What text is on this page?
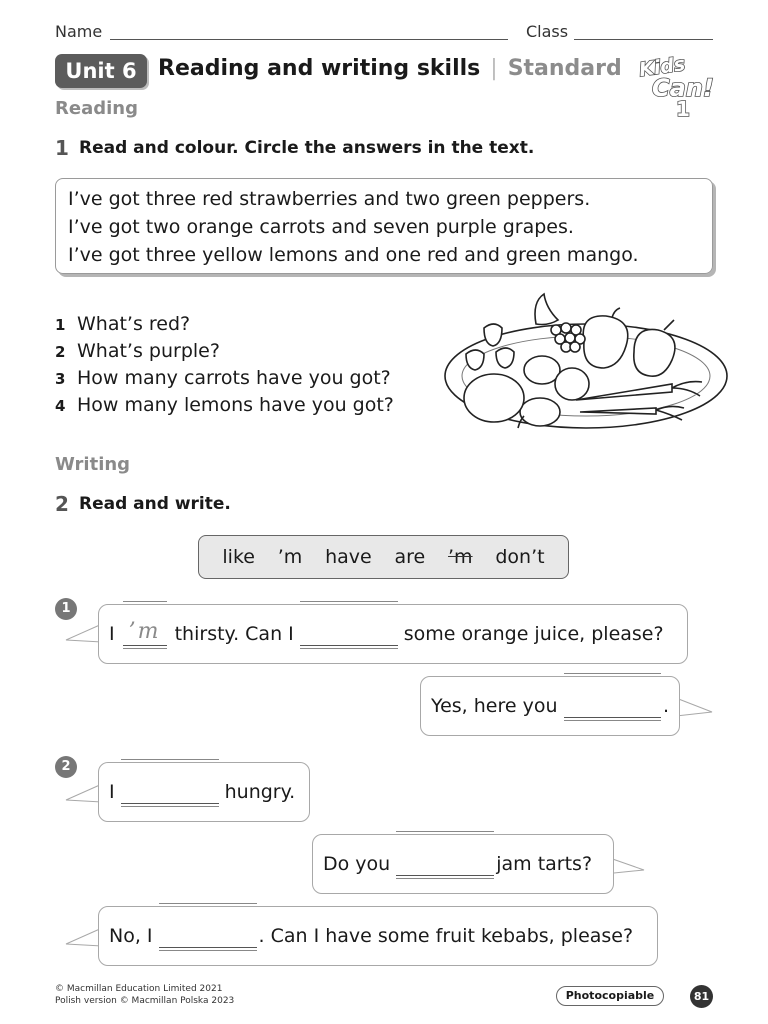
Name	Class
Unit 6 Reading and writing skills | Standard Kids
Can!
1
Reading
1 Read and colour. Circle the answers in the text.

I’ve got three red strawberries and two green peppers.

I’ve got two orange carrots and seven purple grapes.

I’ve got three yellow lemons and one red and green mango.

1 What’s red?
2 What’s purple?
3 How many carrots have you got?
4 How many lemons have you got?
Writing
2 Read and write.
like ’m have are ’m don’t
1
I ’m thirsty. Can I	some orange juice, please?
Yes, here you	.
2
I	hungry.
Do you	jam tarts?
No, I	. Can I have some fruit kebabs, please?
© Macmillan Education Limited 2021
Polish version © Macmillan Polska 2023	Photocopiable	81
